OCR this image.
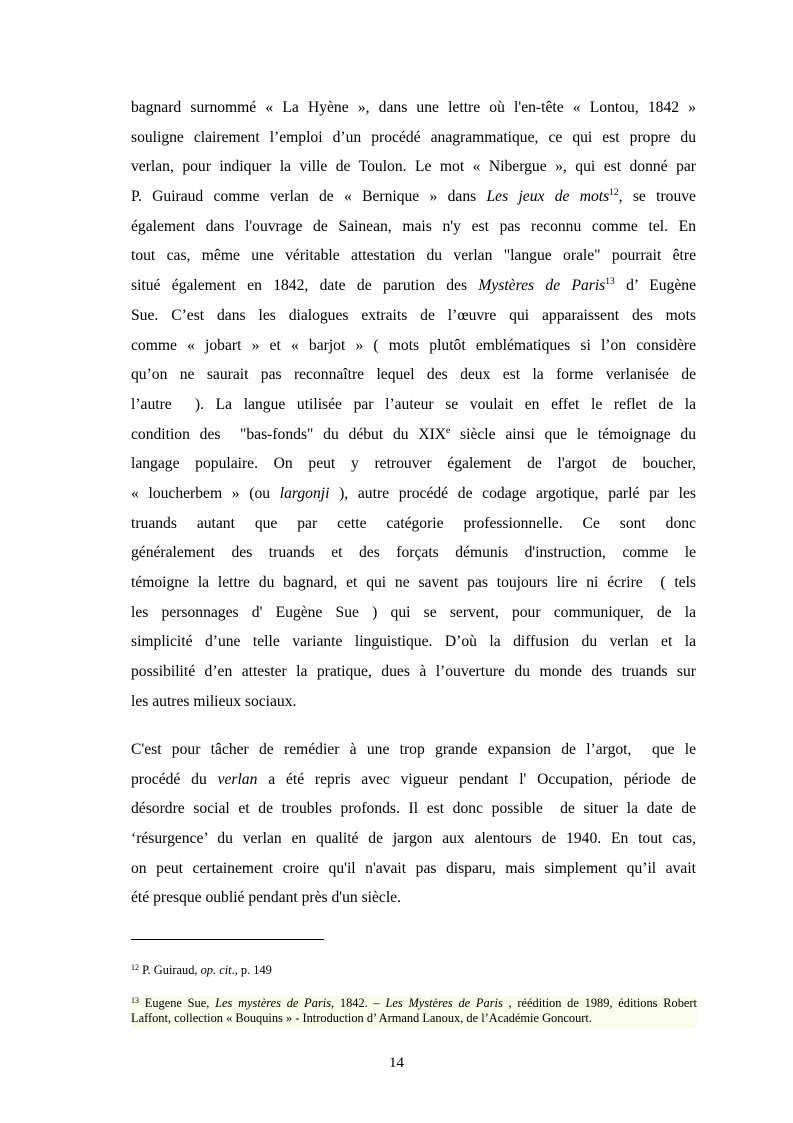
bagnard surnommé « La Hyène », dans une lettre où l'en-tête « Lontou, 1842 »
souligne clairement l’emploi d’un procédé anagrammatique, ce qui est propre du
verlan, pour indiquer la ville de Toulon. Le mot « Nibergue », qui est donné par
P. Guiraud comme verlan de « Bernique » dans Les jeux de mots$^{12}$, se trouve
également dans l'ouvrage de Sainean, mais n'y est pas reconnu comme tel. En
tout cas, même une véritable attestation du verlan "langue orale" pourrait être
situé également en 1842, date de parution des Mystères de Paris$^{13}$ d’ Eugène
Sue. C’est dans les dialogues extraits de l’œuvre qui apparaissent des mots
comme « jobart » et « barjot » ( mots plutôt emblématiques si l’on considère
qu’on ne saurait pas reconnaître lequel des deux est la forme verlanisée de
l’autre  ). La langue utilisée par l’auteur se voulait en effet le reflet de la
condition des  "bas-fonds" du début du XIXe siècle ainsi que le témoignage du
langage populaire. On peut y retrouver également de l'argot de boucher,
« loucherbem » (ou largonji ), autre procédé de codage argotique, parlé par les
truands autant que par cette catégorie professionnelle. Ce sont donc
généralement des truands et des forçats démunis d'instruction, comme le
témoigne la lettre du bagnard, et qui ne savent pas toujours lire ni écrire  ( tels
les personnages d' Eugène Sue ) qui se servent, pour communiquer, de la
simplicité d’une telle variante linguistique. D’où la diffusion du verlan et la
possibilité d’en attester la pratique, dues à l’ouverture du monde des truands sur
les autres milieux sociaux.
C'est pour tâcher de remédier à une trop grande expansion de l’argot,  que le
procédé du verlan a été repris avec vigueur pendant l' Occupation, période de
désordre social et de troubles profonds. Il est donc possible  de situer la date de
‘résurgence’ du verlan en qualité de jargon aux alentours de 1940. En tout cas,
on peut certainement croire qu'il n'avait pas disparu, mais simplement qu’il avait
été presque oublié pendant près d'un siècle.

$^{12}$ P. Guiraud, op. cit., p. 149

$^{13}$ Eugene Sue, Les mystères de Paris, 1842. – Les Mystères de Paris , réédition de 1989, éditions Robert
Laffont, collection « Bouquins » - Introduction d’ Armand Lanoux, de l’Académie Goncourt.

14
